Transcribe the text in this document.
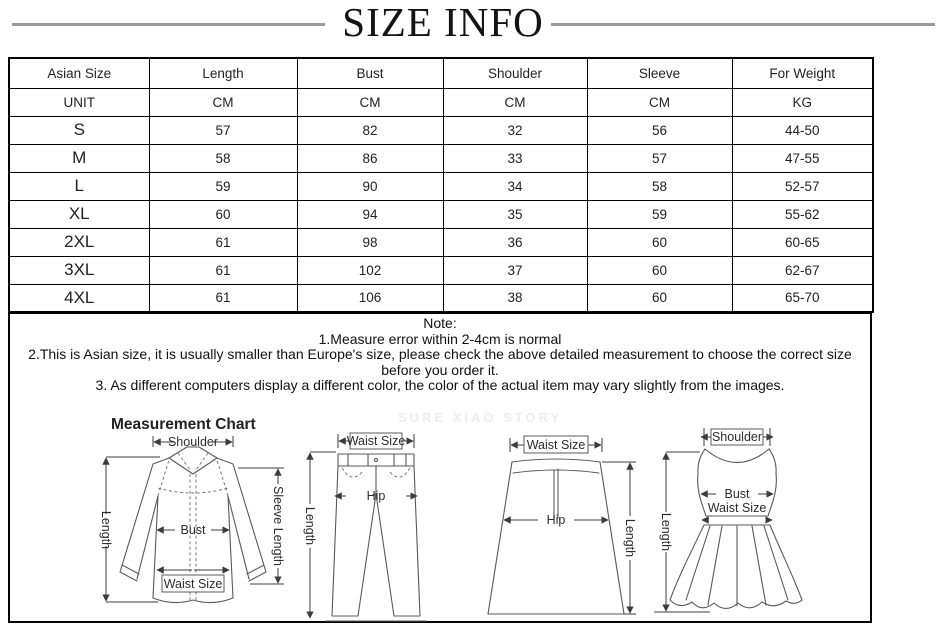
SIZE INFO
Asian Size	Length	Bust	Shoulder	Sleeve	For Weight
UNIT	CM	CM	CM	CM	KG
S	57	82	32	56	44-50
M	58	86	33	57	47-55
L	59	90	34	58	52-57
XL	60	94	35	59	55-62
2XL	61	98	36	60	60-65
3XL	61	102	37	60	62-67
4XL	61	106	38	60	65-70

Note:

1.Measure error within 2-4cm is normal

2.This is Asian size, it is usually smaller than Europe's size, please check the above detailed measurement to choose the correct size before you order it.

3. As different computers display a different color, the color of the actual item may vary slightly from the images.

Measurement Chart	SURE XIAO STORY
Shoulder
Bust
Waist Size
Length	Sleeve Length
Waist Size
Hip
Length
Waist Size
Hip	Length
Shoulder
Bust
Waist Size
Length
